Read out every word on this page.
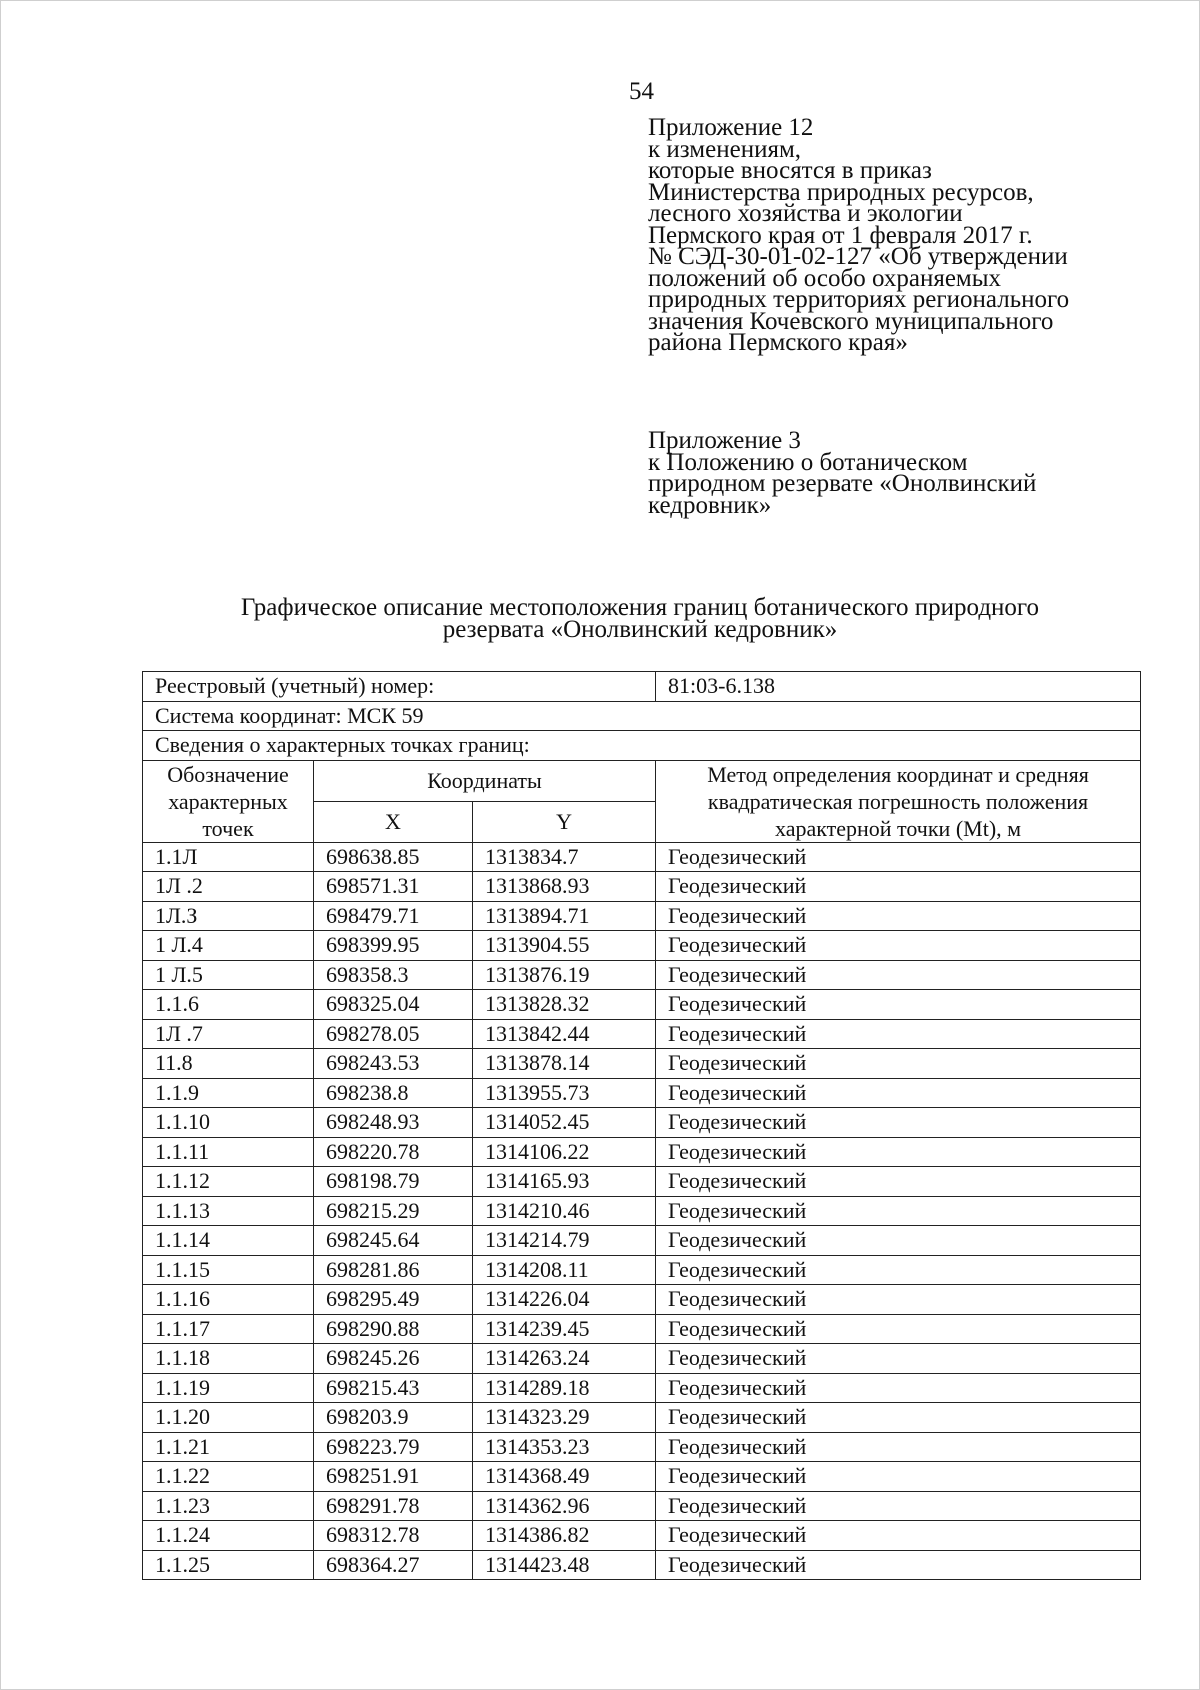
54
Приложение 12
к изменениям,
которые вносятся в приказ
Министерства природных ресурсов,
лесного хозяйства и экологии
Пермского края от 1 февраля 2017 г.
№ СЭД-30-01-02-127 «Об утверждении
положений об особо охраняемых
природных территориях регионального
значения Кочевского муниципального
района Пермского края»
Приложение 3
к Положению о ботаническом
природном резервате «Онолвинский
кедровник»
Графическое описание местоположения границ ботанического природного
резервата «Онолвинский кедровник»
Реестровый (учетный) номер:			81:03-6.138
Система координат: МСК 59			
Сведения о характерных точках границ:			
Обозначение характерных точек	Координаты		Метод определения координат и средняя квадратическая погрешность положения характерной точки (Mt), м
	X	Y	
1.1Л	698638.85	1313834.7	Геодезический
1Л .2	698571.31	1313868.93	Геодезический
1Л.З	698479.71	1313894.71	Геодезический
1 Л.4	698399.95	1313904.55	Геодезический
1 Л.5	698358.3	1313876.19	Геодезический
1.1.6	698325.04	1313828.32	Геодезический
1Л .7	698278.05	1313842.44	Геодезический
11.8	698243.53	1313878.14	Геодезический
1.1.9	698238.8	1313955.73	Геодезический
1.1.10	698248.93	1314052.45	Геодезический
1.1.11	698220.78	1314106.22	Геодезический
1.1.12	698198.79	1314165.93	Геодезический
1.1.13	698215.29	1314210.46	Геодезический
1.1.14	698245.64	1314214.79	Геодезический
1.1.15	698281.86	1314208.11	Геодезический
1.1.16	698295.49	1314226.04	Геодезический
1.1.17	698290.88	1314239.45	Геодезический
1.1.18	698245.26	1314263.24	Геодезический
1.1.19	698215.43	1314289.18	Геодезический
1.1.20	698203.9	1314323.29	Геодезический
1.1.21	698223.79	1314353.23	Геодезический
1.1.22	698251.91	1314368.49	Геодезический
1.1.23	698291.78	1314362.96	Геодезический
1.1.24	698312.78	1314386.82	Геодезический
1.1.25	698364.27	1314423.48	Геодезический
